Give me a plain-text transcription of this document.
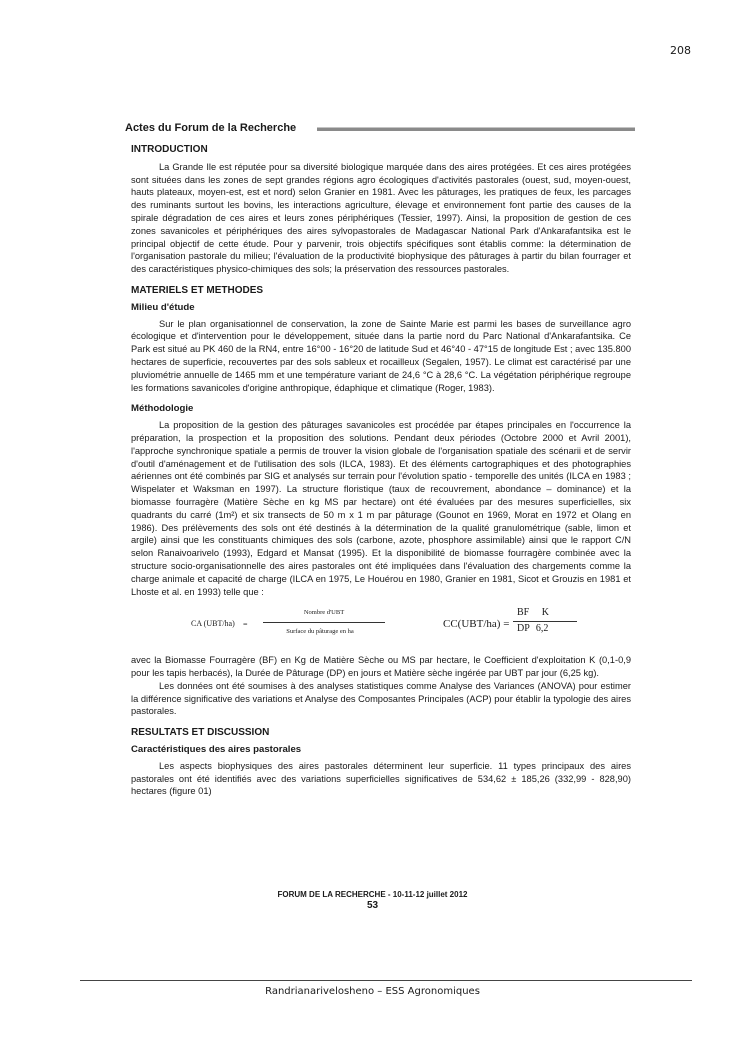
208
Actes du Forum de la Recherche
INTRODUCTION

La Grande Ile est réputée pour sa diversité biologique marquée dans des aires protégées. Et ces aires protégées sont situées dans les zones de sept grandes régions agro écologiques d'activités pastorales (ouest, sud, moyen-ouest, hauts plateaux, moyen-est, est et nord) selon Granier en 1981. Avec les pâturages, les pratiques de feux, les parcages des ruminants surtout les bovins, les interactions agriculture, élevage et environnement font partie des causes de la spirale dégradation de ces aires et leurs zones périphériques (Tessier, 1997). Ainsi, la proposition de gestion de ces zones savanicoles et périphériques des aires sylvopastorales de Madagascar National Park d'Ankarafantsika est le principal objectif de cette étude. Pour y parvenir, trois objectifs spécifiques sont établis comme: la détermination de l'organisation pastorale du milieu; l'évaluation de la productivité biophysique des pâturages à partir du bilan fourrager et des caractéristiques physico-chimiques des sols; la préservation des ressources pastorales.

MATERIELS ET METHODES
Milieu d'étude

Sur le plan organisationnel de conservation, la zone de Sainte Marie est parmi les bases de surveillance agro écologique et d'intervention pour le développement, située dans la partie nord du Parc National d'Ankarafantsika. Ce Park est situé au PK 460 de la RN4, entre 16°00 - 16°20 de latitude Sud et 46°40 - 47°15 de longitude Est ; avec 135.800 hectares de superficie, recouvertes par des sols sableux et rocailleux (Segalen, 1957). Le climat est caractérisé par une pluviométrie annuelle de 1465 mm et une température variant de 24,6 °C à 28,6 °C. La végétation périphérique regroupe les formations savanicoles d'origine anthropique, édaphique et climatique (Roger, 1983).

Méthodologie

La proposition de la gestion des pâturages savanicoles est procédée par étapes principales en l'occurrence la préparation, la prospection et la proposition des solutions. Pendant deux périodes (Octobre 2000 et Avril 2001), l'approche synchronique spatiale a permis de trouver la vision globale de l'organisation spatiale des scénarii et de servir d'outil d'aménagement et de l'utilisation des sols (ILCA, 1983). Et des éléments cartographiques et des photographies aériennes ont été combinés par SIG et analysés sur terrain pour l'évolution spatio - temporelle des unités (ILCA en 1983 ; Wispelater et Waksman en 1997). La structure floristique (taux de recouvrement, abondance – dominance) et la biomasse fourragère (Matière Sèche en kg MS par hectare) ont été évaluées par des mesures superficielles, six quadrants du carré (1m²) et six transects de 50 m x 1 m par pâturage (Gounot en 1969, Morat en 1972 et Olang en 1986). Des prélèvements des sols ont été destinés à la détermination de la qualité granulométrique (sable, limon et argile) ainsi que les constituants chimiques des sols (carbone, azote, phosphore assimilable) ainsi que le rapport C/N selon Ranaivoarivelo (1993), Edgard et Mansat (1995). Et la disponibilité de biomasse fourragère combinée avec la structure socio-organisationnelle des aires pastorales ont été impliquées dans l'évaluation des chargements comme la charge animale et capacité de charge (ILCA en 1975, Le Houérou en 1980, Granier en 1981, Sicot et Grouzis en 1981 et Lhoste et al. en 1993) telle que :

CA (UBT/ha) =
Nombre d'UBT
Surface du pâturage en ha
$CC(UBT/ha) = \frac{\text{BF K}}{DP 6,2}$

avec la Biomasse Fourragère (BF) en Kg de Matière Sèche ou MS par hectare, le Coefficient d'exploitation K (0,1-0,9 pour les tapis herbacés), la Durée de Pâturage (DP) en jours et Matière sèche ingérée par UBT par jour (6,25 kg).

Les données ont été soumises à des analyses statistiques comme Analyse des Variances (ANOVA) pour estimer la différence significative des variations et Analyse des Composantes Principales (ACP) pour établir la typologie des aires pastorales.

RESULTATS ET DISCUSSION
Caractéristiques des aires pastorales

Les aspects biophysiques des aires pastorales déterminent leur superficie. 11 types principaux des aires pastorales ont été identifiés avec des variations superficielles significatives de 534,62 ± 185,26 (332,99 - 828,90) hectares (figure 01)

FORUM DE LA RECHERCHE - 10-11-12 juillet 2012
53
Randrianarivelosheno – ESS Agronomiques
